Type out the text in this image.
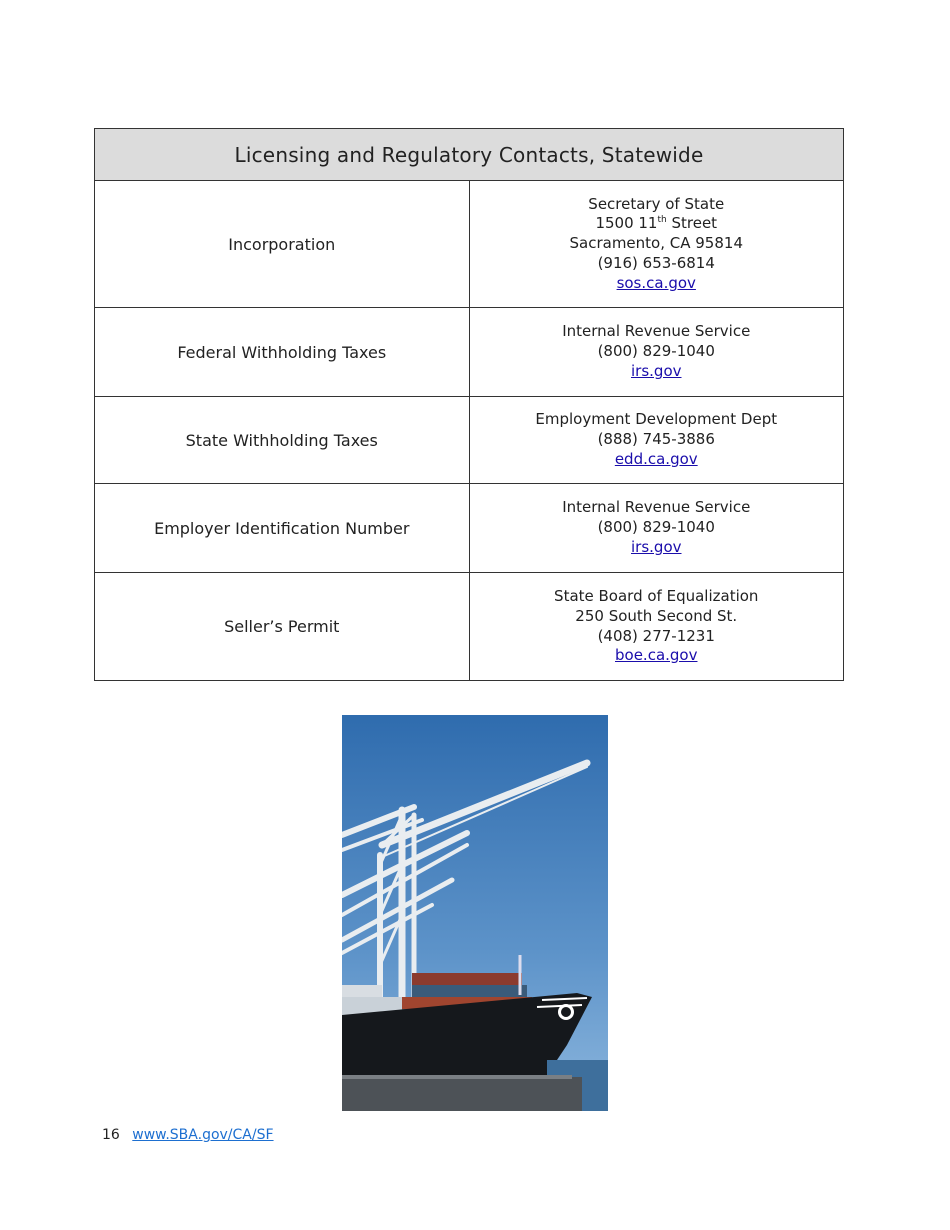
Licensing and Regulatory Contacts, Statewide	
Incorporation	Secretary of State
1500 11th Street
Sacramento, CA 95814
(916) 653-6814
sos.ca.gov

Federal Withholding Taxes	Internal Revenue Service
(800) 829-1040
irs.gov

State Withholding Taxes	Employment Development Dept
(888) 745-3886
edd.ca.gov

Employer Identification Number	Internal Revenue Service
(800) 829-1040
irs.gov

Seller’s Permit	State Board of Equalization
250 South Second St.
(408) 277-1231
boe.ca.gov
16 www.SBA.gov/CA/SF
